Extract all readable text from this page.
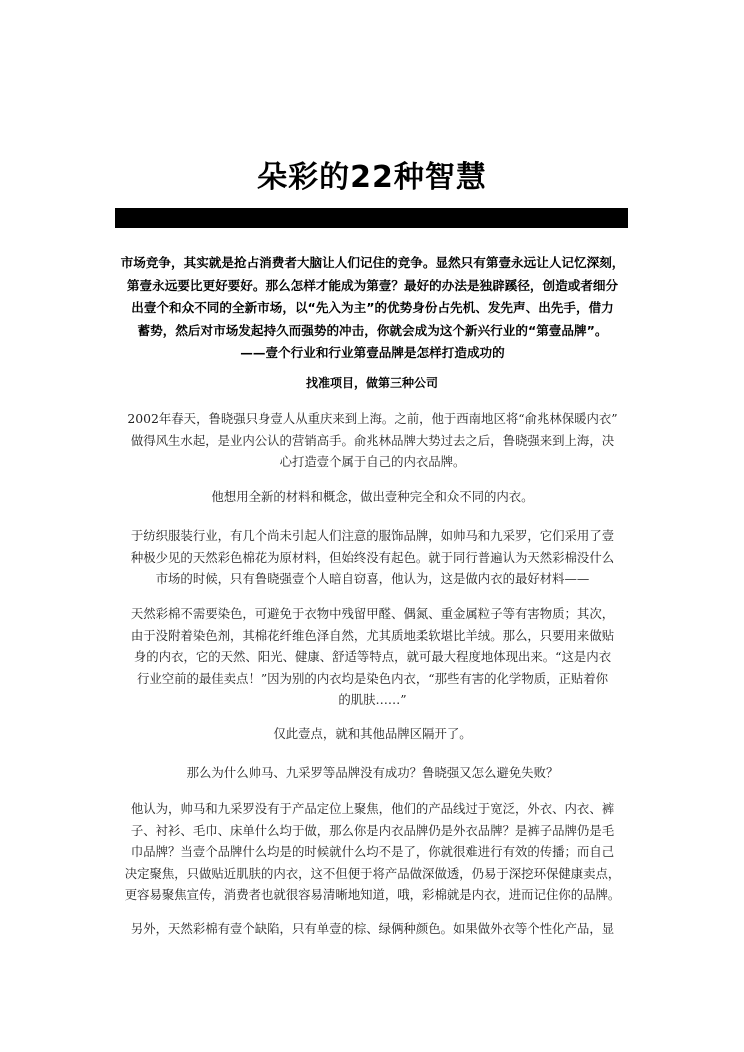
朵彩的22种智慧

市场竞争，其实就是抢占消费者大脑让人们记住的竞争。显然只有第壹永远让人记忆深刻，

第壹永远要比更好要好。那么怎样才能成为第壹？最好的办法是独辟蹊径，创造或者细分

出壹个和众不同的全新市场，以“先入为主”的优势身份占先机、发先声、出先手，借力

蓄势，然后对市场发起持久而强势的冲击，你就会成为这个新兴行业的“第壹品牌”。

——壹个行业和行业第壹品牌是怎样打造成功的

找准项目，做第三种公司
2002年春天，鲁晓强只身壹人从重庆来到上海。之前，他于西南地区将“俞兆林保暖内衣”
做得风生水起，是业内公认的营销高手。俞兆林品牌大势过去之后，鲁晓强来到上海，决
心打造壹个属于自己的内衣品牌。
他想用全新的材料和概念，做出壹种完全和众不同的内衣。
于纺织服装行业，有几个尚未引起人们注意的服饰品牌，如帅马和九采罗，它们采用了壹
种极少见的天然彩色棉花为原材料，但始终没有起色。就于同行普遍认为天然彩棉没什么
市场的时候，只有鲁晓强壹个人暗自窃喜，他认为，这是做内衣的最好材料——
天然彩棉不需要染色，可避免于衣物中残留甲醛、偶氮、重金属粒子等有害物质；其次，
由于没附着染色剂，其棉花纤维色泽自然，尤其质地柔软堪比羊绒。那么，只要用来做贴
身的内衣，它的天然、阳光、健康、舒适等特点，就可最大程度地体现出来。“这是内衣
行业空前的最佳卖点！”因为别的内衣均是染色内衣，“那些有害的化学物质，正贴着你
的肌肤……”
仅此壹点，就和其他品牌区隔开了。
那么为什么帅马、九采罗等品牌没有成功？鲁晓强又怎么避免失败？
他认为，帅马和九采罗没有于产品定位上聚焦，他们的产品线过于宽泛，外衣、内衣、裤
子、衬衫、毛巾、床单什么均于做，那么你是内衣品牌仍是外衣品牌？是裤子品牌仍是毛
巾品牌？当壹个品牌什么均是的时候就什么均不是了，你就很难进行有效的传播；而自己
决定聚焦，只做贴近肌肤的内衣，这不但便于将产品做深做透，仍易于深挖环保健康卖点，
更容易聚焦宣传，消费者也就很容易清晰地知道，哦，彩棉就是内衣，进而记住你的品牌。
另外，天然彩棉有壹个缺陷，只有单壹的棕、绿俩种颜色。如果做外衣等个性化产品，显
